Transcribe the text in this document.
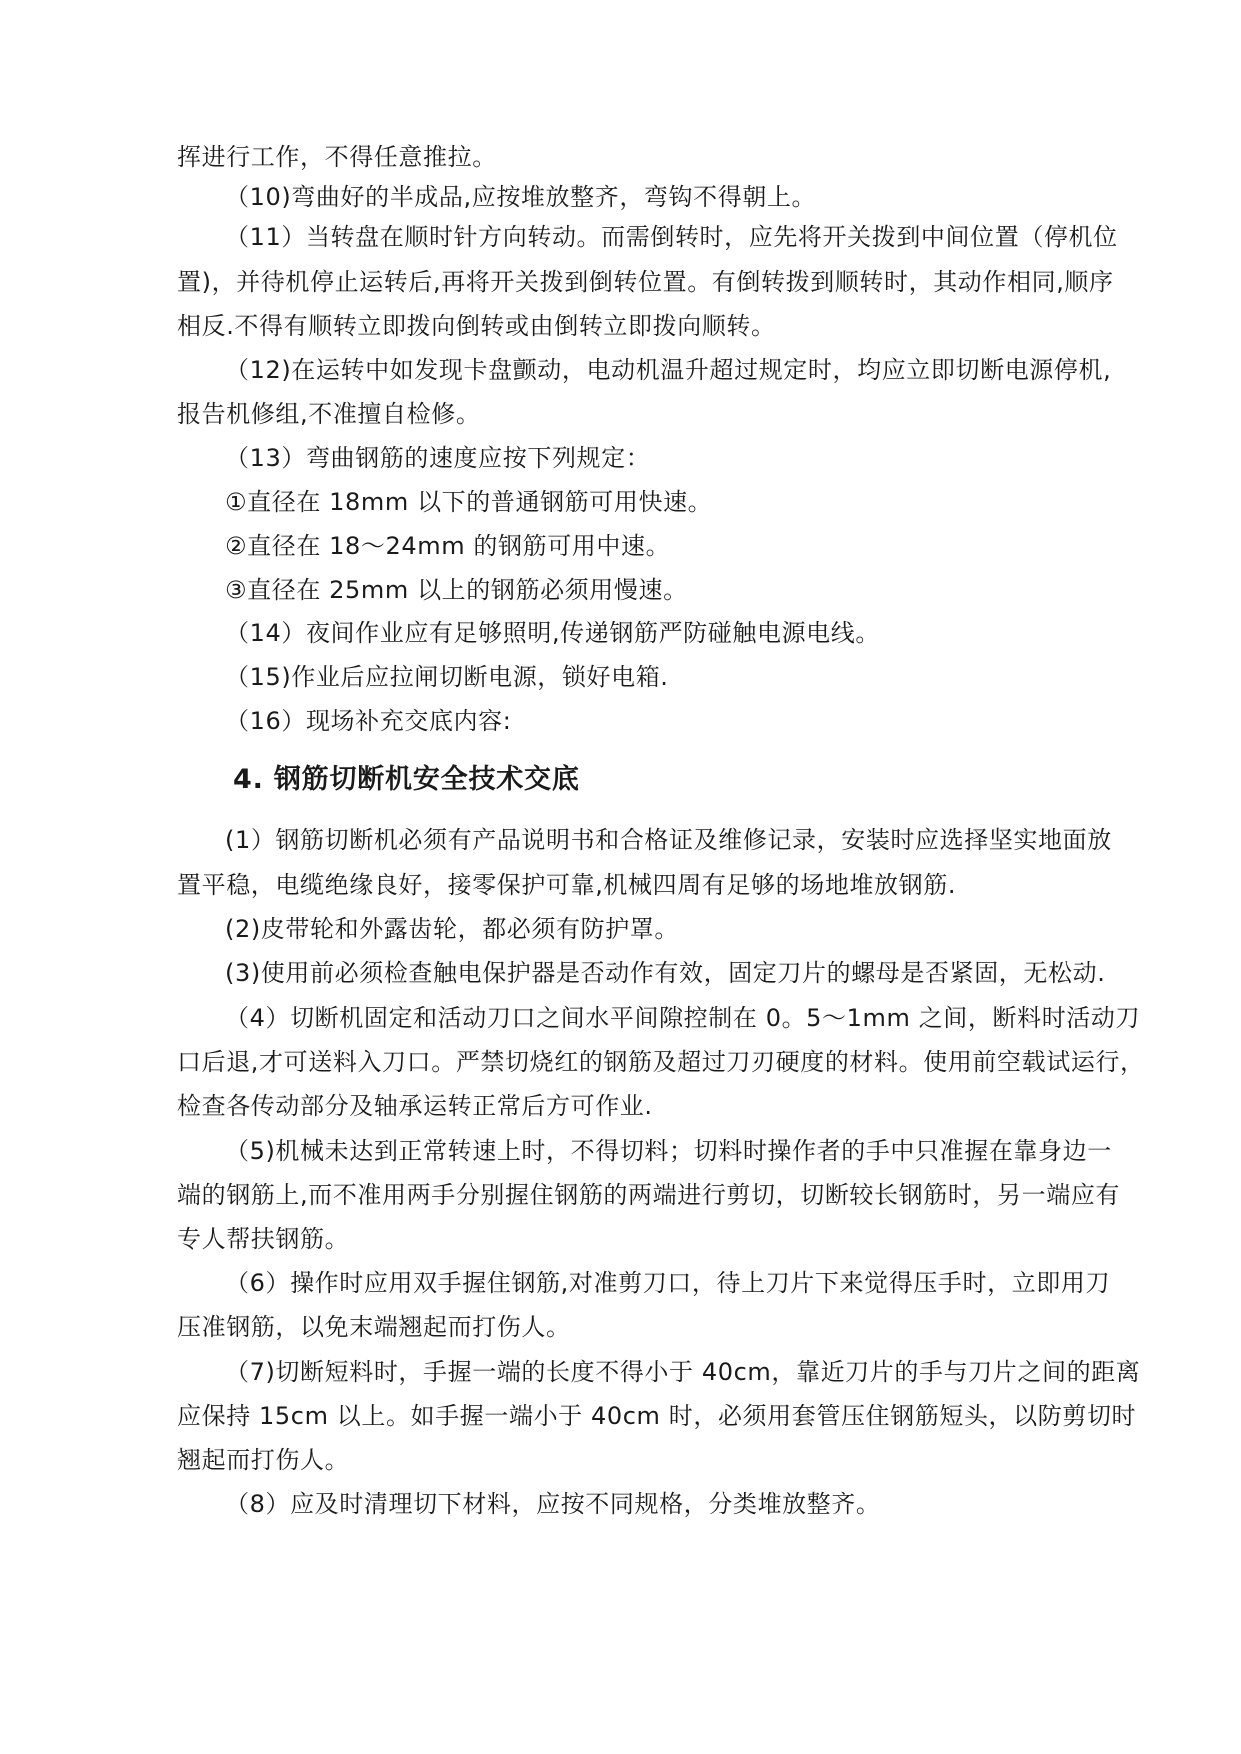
挥进行工作，不得任意推拉。
（10)弯曲好的半成品,应按堆放整齐，弯钩不得朝上。
（11）当转盘在顺时针方向转动。而需倒转时，应先将开关拨到中间位置（停机位
置)，并待机停止运转后,再将开关拨到倒转位置。有倒转拨到顺转时，其动作相同,顺序
相反.不得有顺转立即拨向倒转或由倒转立即拨向顺转。
（12)在运转中如发现卡盘颤动，电动机温升超过规定时，均应立即切断电源停机,
报告机修组,不准擅自检修。
（13）弯曲钢筋的速度应按下列规定：
①直径在 18mm 以下的普通钢筋可用快速。
②直径在 18～24mm 的钢筋可用中速。
③直径在 25mm 以上的钢筋必须用慢速。
（14）夜间作业应有足够照明,传递钢筋严防碰触电源电线。
（15)作业后应拉闸切断电源，锁好电箱.
（16）现场补充交底内容:
4. 钢筋切断机安全技术交底
(1）钢筋切断机必须有产品说明书和合格证及维修记录，安装时应选择坚实地面放
置平稳，电缆绝缘良好，接零保护可靠,机械四周有足够的场地堆放钢筋.
(2)皮带轮和外露齿轮，都必须有防护罩。
(3)使用前必须检查触电保护器是否动作有效，固定刀片的螺母是否紧固，无松动.
（4）切断机固定和活动刀口之间水平间隙控制在 0。5～1mm 之间，断料时活动刀
口后退,才可送料入刀口。严禁切烧红的钢筋及超过刀刃硬度的材料。使用前空载试运行，
检查各传动部分及轴承运转正常后方可作业.
（5)机械未达到正常转速上时，不得切料；切料时操作者的手中只准握在靠身边一
端的钢筋上,而不准用两手分别握住钢筋的两端进行剪切，切断较长钢筋时，另一端应有
专人帮扶钢筋。
（6）操作时应用双手握住钢筋,对准剪刀口，待上刀片下来觉得压手时，立即用刀
压准钢筋，以免末端翘起而打伤人。
（7)切断短料时，手握一端的长度不得小于 40cm，靠近刀片的手与刀片之间的距离
应保持 15cm 以上。如手握一端小于 40cm 时，必须用套管压住钢筋短头，以防剪切时
翘起而打伤人。
（8）应及时清理切下材料，应按不同规格，分类堆放整齐。
